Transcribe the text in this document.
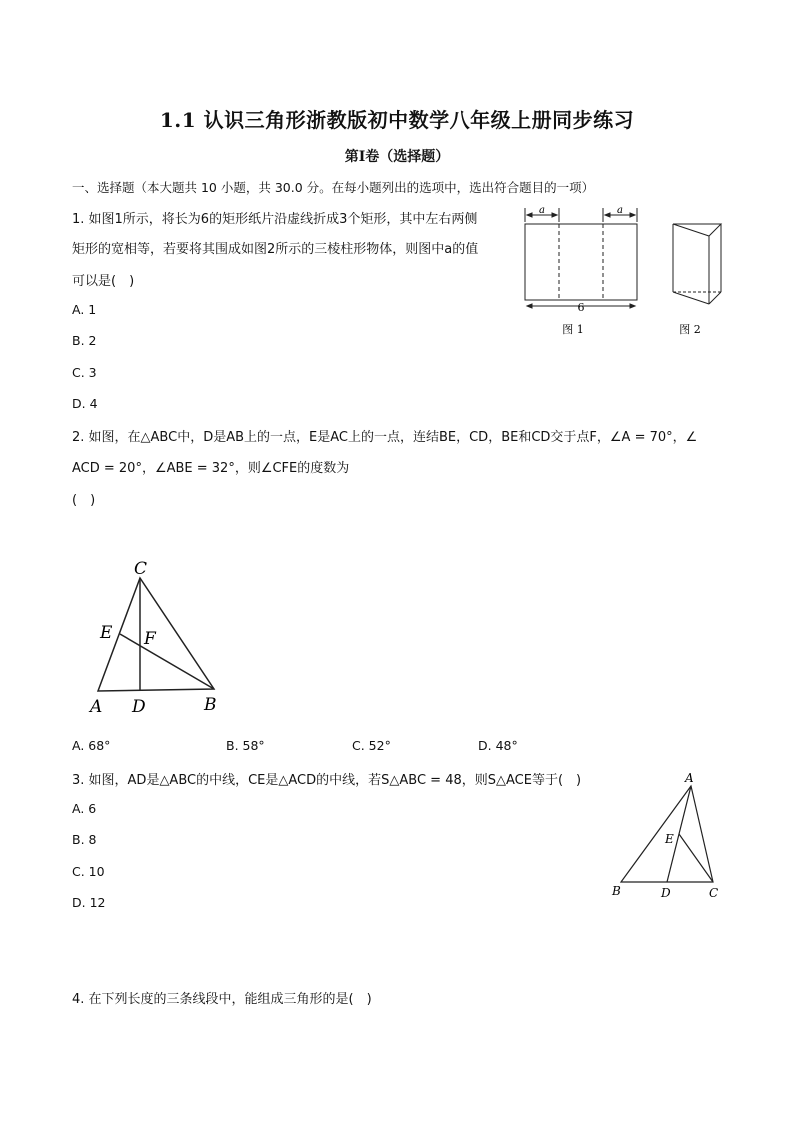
1.1 认识三角形浙教版初中数学八年级上册同步练习
第Ⅰ卷（选择题）
一、选择题（本大题共 10 小题，共 30.0 分。在每小题列出的选项中，选出符合题目的一项）
1. 如图1所示，将长为6的矩形纸片沿虚线折成3个矩形，其中左右两侧
矩形的宽相等，若要将其围成如图2所示的三棱柱形物体，则图中a的值
可以是(　)
A. 1
B. 2
C. 3
D. 4
a	a
6
图 1	图 2
2. 如图，在△ABC中，D是AB上的一点，E是AC上的一点，连结BE，CD，BE和CD交于点F，∠A = 70°，∠
ACD = 20°，∠ABE = 32°，则∠CFE的度数为
(　)
C
E F
A D	B
A. 68°	B. 58°	C. 52°	D. 48°
3. 如图，AD是△ABC的中线，CE是△ACD的中线，若S△ABC = 48，则S△ACE等于(　)
A. 6
B. 8
C. 10
D. 12
A
E
B	D	C
4. 在下列长度的三条线段中，能组成三角形的是(　)
